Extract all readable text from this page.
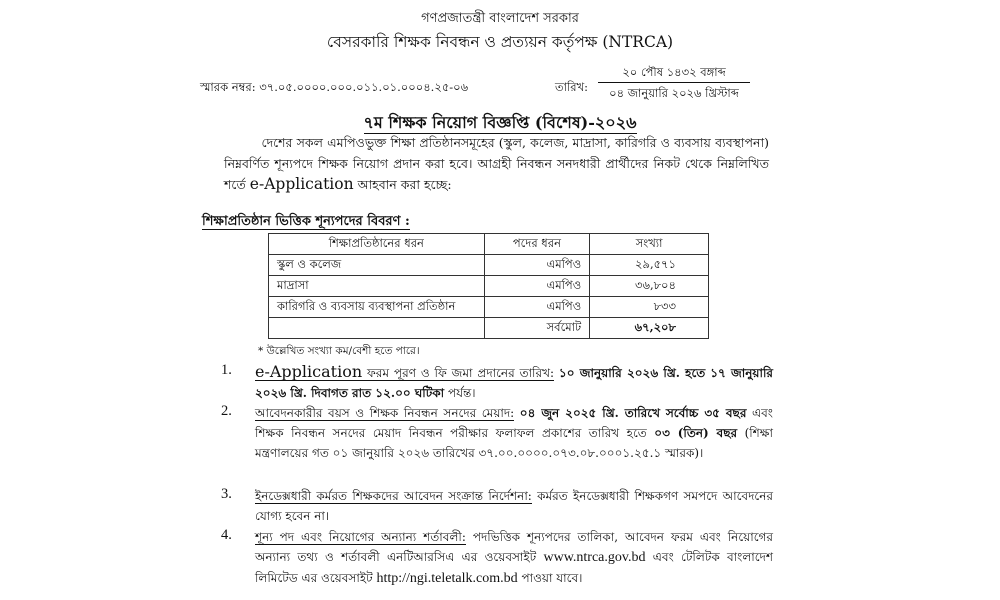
গণপ্রজাতন্ত্রী বাংলাদেশ সরকার
বেসরকারি শিক্ষক নিবন্ধন ও প্রত্যয়ন কর্তৃপক্ষ (NTRCA)
স্মারক নম্বর: ৩৭.০৫.০০০০.০০০.০১১.০১.০০০৪.২৫-০৬	তারিখ:
২০ পৌষ ১৪৩২ বঙ্গাব্দ
০৪ জানুয়ারি ২০২৬ খ্রিস্টাব্দ
৭ম শিক্ষক নিয়োগ বিজ্ঞপ্তি (বিশেষ)-২০২৬

   দেশের সকল এমপিওভুক্ত শিক্ষা প্রতিষ্ঠানসমূহের (স্কুল, কলেজ, মাদ্রাসা, কারিগরি ও ব্যবসায় ব্যবস্থাপনা) নিম্নবর্ণিত শূন্যপদে শিক্ষক নিয়োগ প্রদান করা হবে। আগ্রহী নিবন্ধন সনদধারী প্রার্থীদের নিকট থেকে নিম্নলিখিত শর্তে e-Application আহবান করা হচ্ছে:

শিক্ষাপ্রতিষ্ঠান ভিত্তিক শূন্যপদের বিবরণ :
শিক্ষাপ্রতিষ্ঠানের ধরন	পদের ধরন	সংখ্যা
স্কুল ও কলেজ	এমপিও	২৯,৫৭১
মাদ্রাসা	এমপিও	৩৬,৮০৪
কারিগরি ও ব্যবসায় ব্যবস্থাপনা প্রতিষ্ঠান	এমপিও	৮৩৩
	সর্বমোট	৬৭,২০৮
* উল্লেখিত সংখ্যা কম/বেশী হতে পারে।
1. e-Application ফরম পূরণ ও ফি জমা প্রদানের তারিখ: ১০ জানুয়ারি ২০২৬ খ্রি. হতে ১৭ জানুয়ারি ২০২৬ খ্রি. দিবাগত রাত ১২.০০ ঘটিকা পর্যন্ত।
2. আবেদনকারীর বয়স ও শিক্ষক নিবন্ধন সনদের মেয়াদ: ০৪ জুন ২০২৫ খ্রি. তারিখে সর্বোচ্চ ৩৫ বছর এবং শিক্ষক নিবন্ধন সনদের মেয়াদ নিবন্ধন পরীক্ষার ফলাফল প্রকাশের তারিখ হতে ০৩ (তিন) বছর (শিক্ষা মন্ত্রণালয়ের গত ০১ জানুয়ারি ২০২৬ তারিখের ৩৭.০০.০০০০.০৭৩.০৮.০০০১.২৫.১ স্মারক)।
3. ইনডেক্সধারী কর্মরত শিক্ষকদের আবেদন সংক্রান্ত নির্দেশনা: কর্মরত ইনডেক্সধারী শিক্ষকগণ সমপদে আবেদনের যোগ্য হবেন না।
4. শূন্য পদ এবং নিয়োগের অন্যান্য শর্তাবলী: পদভিত্তিক শূন্যপদের তালিকা, আবেদন ফরম এবং নিয়োগের অন্যান্য তথ্য ও শর্তাবলী এনটিআরসিএ এর ওয়েবসাইট www.ntrca.gov.bd এবং টেলিটক বাংলাদেশ লিমিটেড এর ওয়েবসাইট http://ngi.teletalk.com.bd পাওয়া যাবে।
